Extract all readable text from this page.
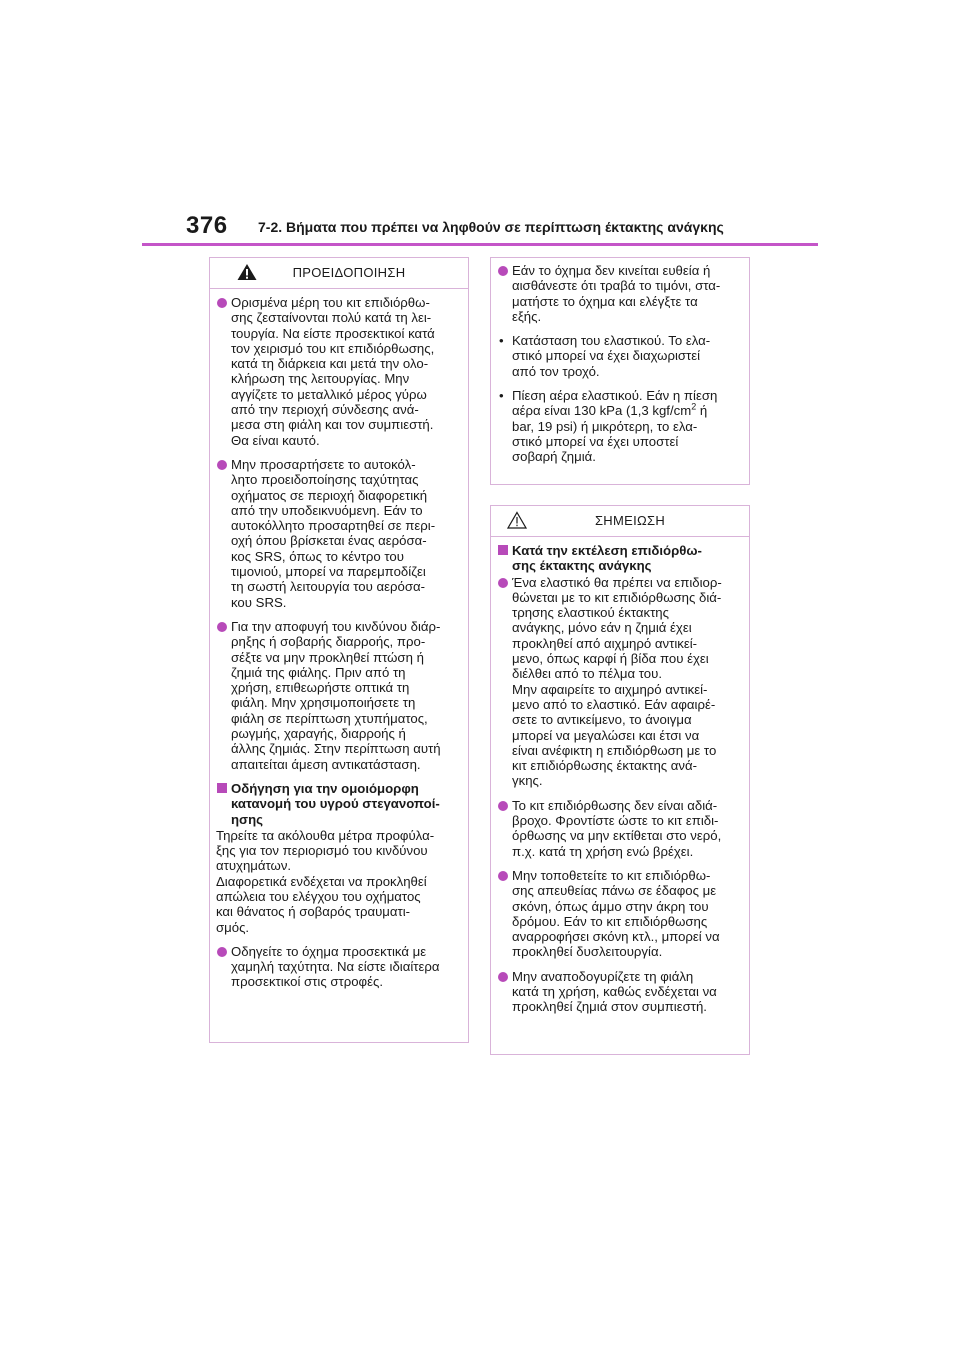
376 7-2. Βήματα που πρέπει να ληφθούν σε περίπτωση έκτακτης ανάγκης
ΠΡΟΕΙΔΟΠΟΙΗΣΗ
Ορισμένα μέρη του κιτ επιδιόρθω-
σης ζεσταίνονται πολύ κατά τη λει-
τουργία. Να είστε προσεκτικοί κατά
τον χειρισμό του κιτ επιδιόρθωσης,
κατά τη διάρκεια και μετά την ολο-
κλήρωση της λειτουργίας. Μην
αγγίζετε το μεταλλικό μέρος γύρω
από την περιοχή σύνδεσης ανά-
μεσα στη φιάλη και τον συμπιεστή.
Θα είναι καυτό.
Μην προσαρτήσετε το αυτοκόλ-
λητο προειδοποίησης ταχύτητας
οχήματος σε περιοχή διαφορετική
από την υποδεικνυόμενη. Εάν το
αυτοκόλλητο προσαρτηθεί σε περι-
οχή όπου βρίσκεται ένας αερόσα-
κος SRS, όπως το κέντρο του
τιμονιού, μπορεί να παρεμποδίζει
τη σωστή λειτουργία του αερόσα-
κου SRS.
Για την αποφυγή του κινδύνου διάρ-
ρηξης ή σοβαρής διαρροής, προ-
σέξτε να μην προκληθεί πτώση ή
ζημιά της φιάλης. Πριν από τη
χρήση, επιθεωρήστε οπτικά τη
φιάλη. Μην χρησιμοποιήσετε τη
φιάλη σε περίπτωση χτυπήματος,
ρωγμής, χαραγής, διαρροής ή
άλλης ζημιάς. Στην περίπτωση αυτή
απαιτείται άμεση αντικατάσταση.
Οδήγηση για την ομοιόμορφη
κατανομή του υγρού στεγανοποί-
ησης
Τηρείτε τα ακόλουθα μέτρα προφύλα-
ξης για τον περιορισμό του κινδύνου
ατυχημάτων.
Διαφορετικά ενδέχεται να προκληθεί
απώλεια του ελέγχου του οχήματος
και θάνατος ή σοβαρός τραυματι-
σμός.
Οδηγείτε το όχημα προσεκτικά με
χαμηλή ταχύτητα. Να είστε ιδιαίτερα
προσεκτικοί στις στροφές.
Εάν το όχημα δεν κινείται ευθεία ή
αισθάνεστε ότι τραβά το τιμόνι, στα-
ματήστε το όχημα και ελέγξτε τα
εξής.
• Κατάσταση του ελαστικού. Το ελα-
στικό μπορεί να έχει διαχωριστεί
από τον τροχό.
• Πίεση αέρα ελαστικού. Εάν η πίεση
αέρα είναι 130 kPa (1,3 kgf/$cm^2$ ή
bar, 19 psi) ή μικρότερη, το ελα-
στικό μπορεί να έχει υποστεί
σοβαρή ζημιά.
ΣΗΜΕΙΩΣΗ
Κατά την εκτέλεση επιδιόρθω-
σης έκτακτης ανάγκης
Ένα ελαστικό θα πρέπει να επιδιορ-
θώνεται με το κιτ επιδιόρθωσης διά-
τρησης ελαστικού έκτακτης
ανάγκης, μόνο εάν η ζημιά έχει
προκληθεί από αιχμηρό αντικεί-
μενο, όπως καρφί ή βίδα που έχει
διέλθει από το πέλμα του.
Μην αφαιρείτε το αιχμηρό αντικεί-
μενο από το ελαστικό. Εάν αφαιρέ-
σετε το αντικείμενο, το άνοιγμα
μπορεί να μεγαλώσει και έτσι να
είναι ανέφικτη η επιδιόρθωση με το
κιτ επιδιόρθωσης έκτακτης ανά-
γκης.
Το κιτ επιδιόρθωσης δεν είναι αδιά-
βροχο. Φροντίστε ώστε το κιτ επιδι-
όρθωσης να μην εκτίθεται στο νερό,
π.χ. κατά τη χρήση ενώ βρέχει.
Μην τοποθετείτε το κιτ επιδιόρθω-
σης απευθείας πάνω σε έδαφος με
σκόνη, όπως άμμο στην άκρη του
δρόμου. Εάν το κιτ επιδιόρθωσης
αναρροφήσει σκόνη κτλ., μπορεί να
προκληθεί δυσλειτουργία.
Μην αναποδογυρίζετε τη φιάλη
κατά τη χρήση, καθώς ενδέχεται να
προκληθεί ζημιά στον συμπιεστή.
